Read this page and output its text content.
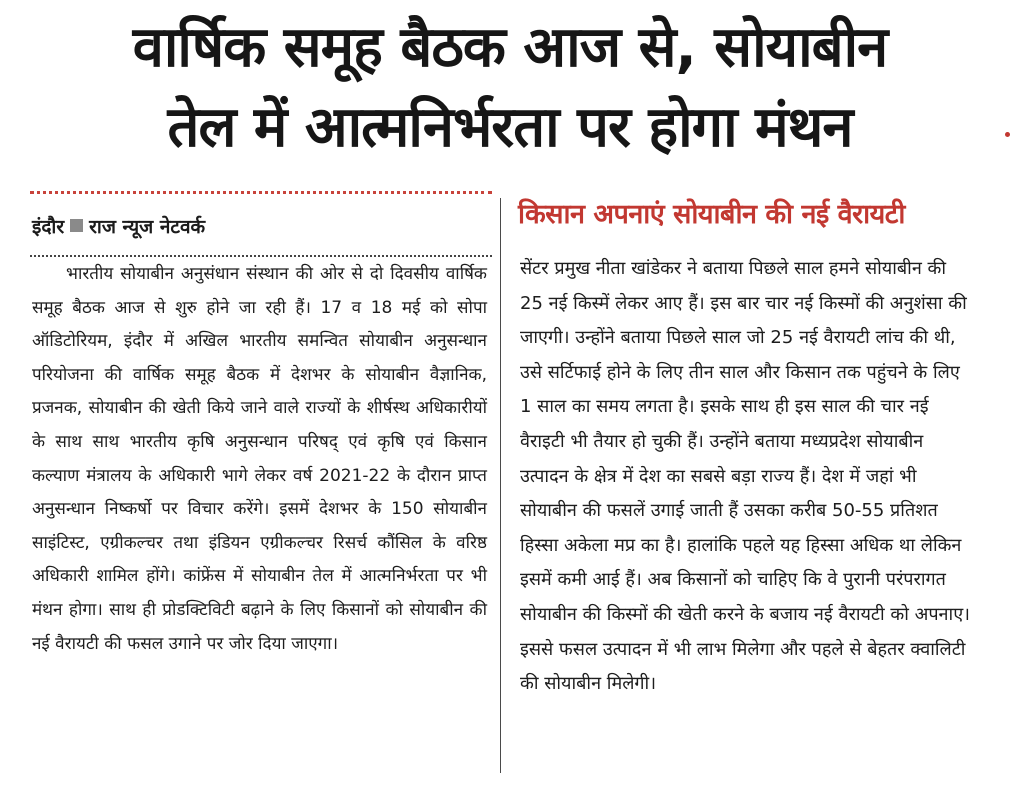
वार्षिक समूह बैठक आज से, सोयाबीन
तेल में आत्मनिर्भरता पर होगा मंथन
इंदौर राज न्यूज नेटवर्क
भारतीय सोयाबीन अनुसंधान संस्थान की ओर से दो दिवसीय वार्षिक समूह बैठक आज से शुरु होने जा रही हैं। 17 व 18 मई को सोपा ऑडिटोरियम, इंदौर में अखिल भारतीय समन्वित सोयाबीन अनुसन्धान परियोजना की वार्षिक समूह बैठक में देशभर के सोयाबीन वैज्ञानिक, प्रजनक, सोयाबीन की खेती किये जाने वाले राज्यों के शीर्षस्थ अधिकारीयों के साथ साथ भारतीय कृषि अनुसन्धान परिषद् एवं कृषि एवं किसान कल्याण मंत्रालय के अधिकारी भागे लेकर वर्ष 2021-22 के दौरान प्राप्त अनुसन्धान निष्कर्षो पर विचार करेंगे। इसमें देशभर के 150 सोयाबीन साइंटिस्ट, एग्रीकल्चर तथा इंडियन एग्रीकल्चर रिसर्च कौंसिल के वरिष्ठ अधिकारी शामिल होंगे। कांफ्रेंस में सोयाबीन तेल में आत्मनिर्भरता पर भी मंथन होगा। साथ ही प्रोडक्टिविटी बढ़ाने के लिए किसानों को सोयाबीन की नई वैरायटी की फसल उगाने पर जोर दिया जाएगा।
किसान अपनाएं सोयाबीन की नई वैरायटी
सेंटर प्रमुख नीता खांडेकर ने बताया पिछले साल हमने सोयाबीन की 25 नई किस्में लेकर आए हैं। इस बार चार नई किस्मों की अनुशंसा की जाएगी। उन्होंने बताया पिछले साल जो 25 नई वैरायटी लांच की थी, उसे सर्टिफाई होने के लिए तीन साल और किसान तक पहुंचने के लिए 1 साल का समय लगता है। इसके साथ ही इस साल की चार नई वैराइटी भी तैयार हो चुकी हैं। उन्होंने बताया मध्यप्रदेश सोयाबीन उत्पादन के क्षेत्र में देश का सबसे बड़ा राज्य हैं। देश में जहां भी सोयाबीन की फसलें उगाई जाती हैं उसका करीब 50-55 प्रतिशत हिस्सा अकेला मप्र का है। हालांकि पहले यह हिस्सा अधिक था लेकिन इसमें कमी आई हैं। अब किसानों को चाहिए कि वे पुरानी परंपरागत सोयाबीन की किस्मों की खेती करने के बजाय नई वैरायटी को अपनाए। इससे फसल उत्पादन में भी लाभ मिलेगा और पहले से बेहतर क्वालिटी की सोयाबीन मिलेगी।
